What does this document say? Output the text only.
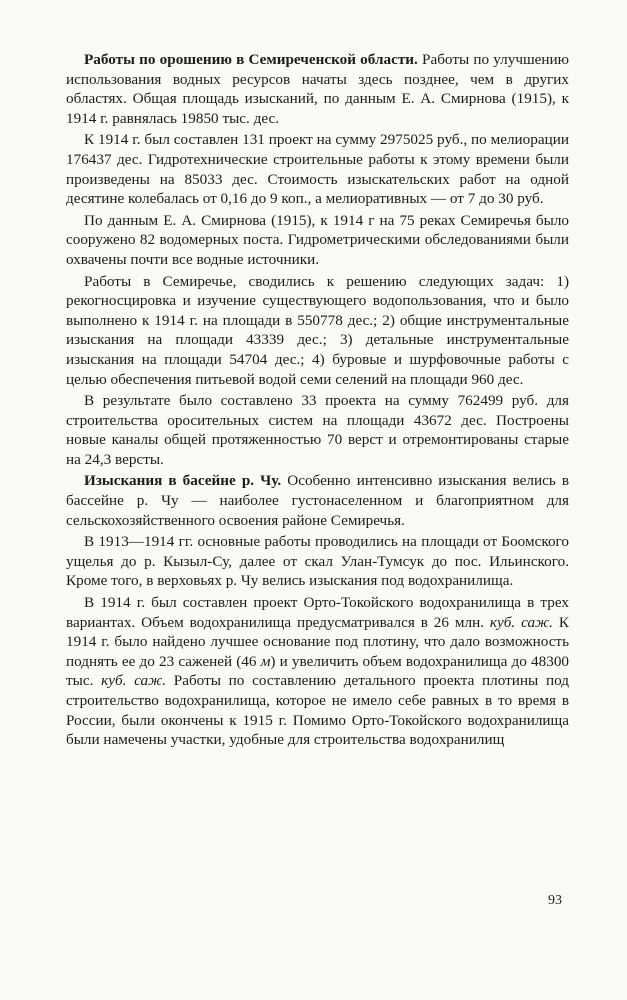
Работы по орошению в Семиреченской области. Работы по улучшению использования водных ресурсов начаты здесь позднее, чем в других областях. Общая площадь изысканий, по данным Е. А. Смирнова (1915), к 1914 г. равнялась 19850 тыс. дес.

К 1914 г. был составлен 131 проект на сумму 2975025 руб., по мелиорации 176437 дес. Гидротехнические строительные работы к этому времени были произведены на 85033 дес. Стоимость изыскательских работ на одной десятине колебалась от 0,16 до 9 коп., а мелиоративных — от 7 до 30 руб.

По данным Е. А. Смирнова (1915), к 1914 г на 75 реках Семиречья было сооружено 82 водомерных поста. Гидрометрическими обследованиями были охвачены почти все водные источники.

Работы в Семиречье, сводились к решению следующих задач: 1) рекогносцировка и изучение существующего водопользования, что и было выполнено к 1914 г. на площади в 550778 дес.; 2) общие инструментальные изыскания на площади 43339 дес.; 3) детальные инструментальные изыскания на площади 54704 дес.; 4) буровые и шурфовочные работы с целью обеспечения питьевой водой семи селений на площади 960 дес.

В результате было составлено 33 проекта на сумму 762499 руб. для строительства оросительных систем на площади 43672 дес. Построены новые каналы общей протяженностью 70 верст и отремонтированы старые на 24,3 версты.

Изыскания в басейне р. Чу. Особенно интенсивно изыскания велись в бассейне р. Чу — наиболее густонаселенном и благоприятном для сельскохозяйственного освоения районе Семиречья.

В 1913—1914 гг. основные работы проводились на площади от Боомского ущелья до р. Кызыл-Су, далее от скал Улан-Тумсук до пос. Ильинского. Кроме того, в верховьях р. Чу велись изыскания под водохранилища.

В 1914 г. был составлен проект Орто-Токойского водохранилища в трех вариантах. Объем водохранилища предусматривался в 26 млн. куб. саж. К 1914 г. было найдено лучшее основание под плотину, что дало возможность поднять ее до 23 саженей (46 м) и увеличить объем водохранилища до 48300 тыс. куб. саж. Работы по составлению детального проекта плотины под строительство водохранилища, которое не имело себе равных в то время в России, были окончены к 1915 г. Помимо Орто-Токойского водохранилища были намечены участки, удобные для строительства водохранилищ

93
